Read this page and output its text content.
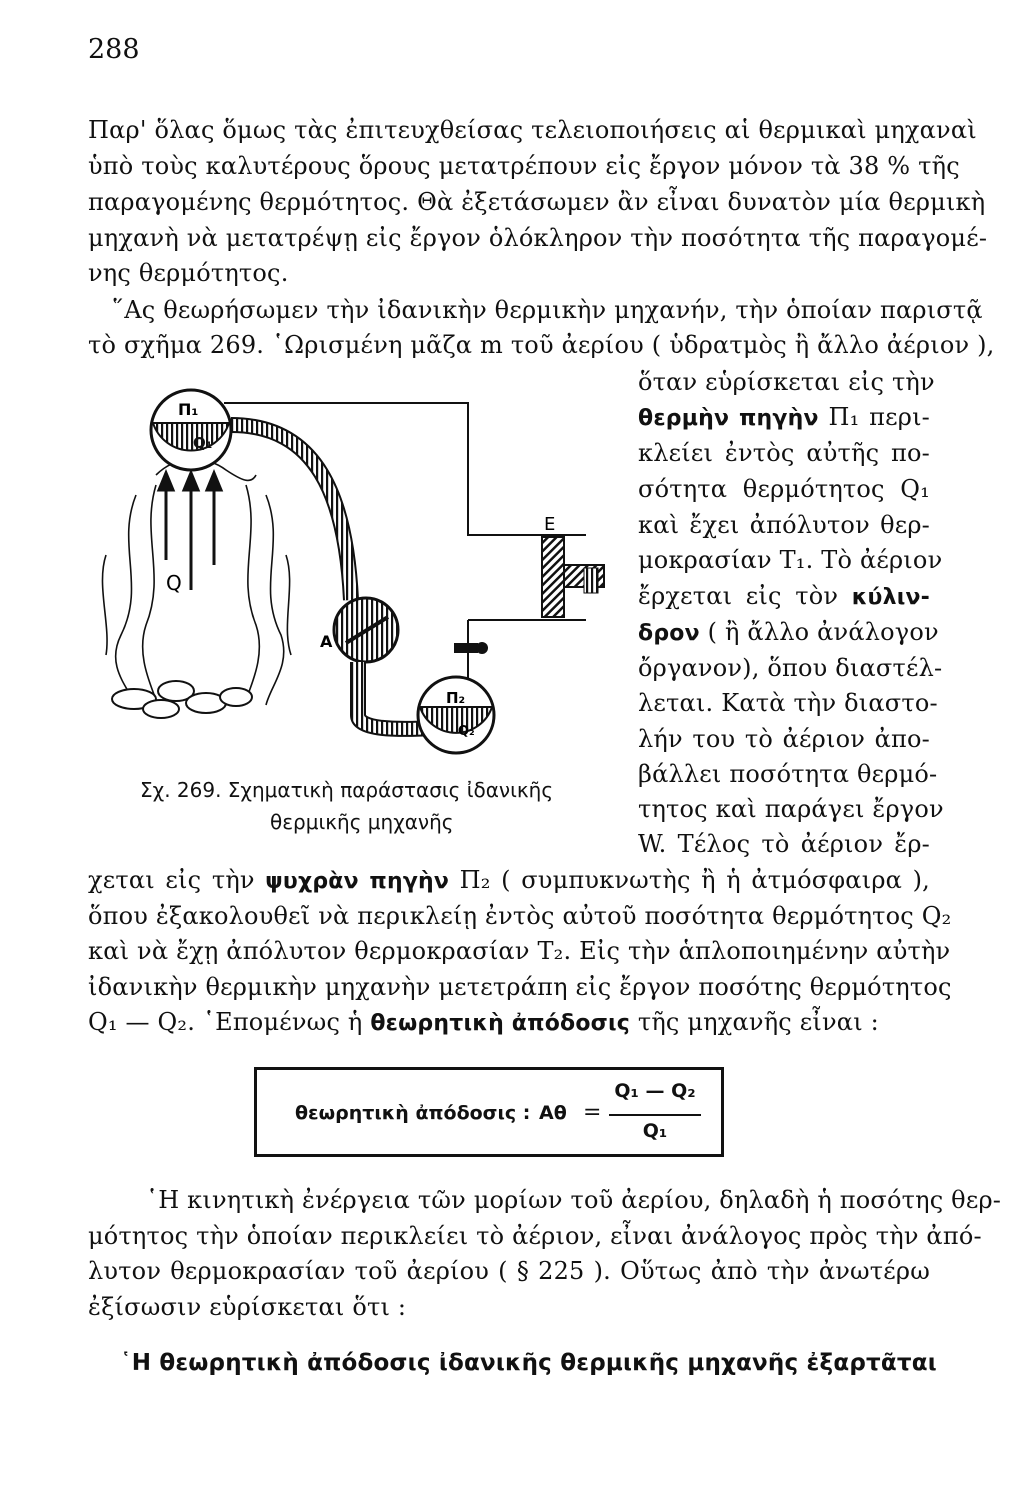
288
Παρ' ὅλας ὅμως τὰς ἐπιτευχθείσας τελειοποιήσεις αἱ θερμικαὶ μηχαναὶ
ὑπὸ τοὺς καλυτέρους ὅρους μετατρέπουν εἰς ἔργον μόνον τὰ 38 % τῆς
παραγομένης θερμότητος. Θὰ ἐξετάσωμεν ἂν εἶναι δυνατὸν μία θερμικὴ
μηχανὴ νὰ μετατρέψῃ εἰς ἔργον ὁλόκληρον τὴν ποσότητα τῆς παραγομέ-
νης θερμότητος.
῞Ας θεωρήσωμεν τὴν ἰδανικὴν θερμικὴν μηχανήν, τὴν ὁποίαν παριστᾷ
τὸ σχῆμα 269. ῾Ωρισμένη μᾶζα m τοῦ ἀερίου ( ὑδρατμὸς ἢ ἄλλο ἀέριον ),
ὅταν εὑρίσκεται εἰς τὴν
θερμὴν πηγὴν Π₁ περι-
κλείει ἐντὸς αὐτῆς πο-
σότητα θερμότητος Q₁
καὶ ἔχει ἀπόλυτον θερ-
μοκρασίαν T₁. Τὸ ἀέριον
ἔρχεται εἰς τὸν κύλιν-
δρον ( ἢ ἄλλο ἀνάλογον
ὄργανον), ὅπου διαστέλ-
λεται. Κατὰ τὴν διαστο-
λήν του τὸ ἀέριον ἀπο-
βάλλει ποσότητα θερμό-
τητος καὶ παράγει ἔργον
W. Τέλος τὸ ἀέριον ἔρ-
Q
Π₁
Q₁
E
A
Π₂
Q₂
Σχ. 269. Σχηματικὴ παράστασις ἰδανικῆς
θερμικῆς μηχανῆς
χεται εἰς τὴν ψυχρὰν πηγὴν Π₂ ( συμπυκνωτὴς ἢ ἡ ἀτμόσφαιρα ),
ὅπου ἐξακολουθεῖ νὰ περικλείῃ ἐντὸς αὐτοῦ ποσότητα θερμότητος Q₂
καὶ νὰ ἔχῃ ἀπόλυτον θερμοκρασίαν T₂. Εἰς τὴν ἁπλοποιημένην αὐτὴν
ἰδανικὴν θερμικὴν μηχανὴν μετετράπη εἰς ἔργον ποσότης θερμότητος
Q₁ — Q₂. ῾Επομένως ἡ θεωρητικὴ ἀπόδοσις τῆς μηχανῆς εἶναι :
θεωρητικὴ ἀπόδοσις : Aθ =
Q₁ — Q₂
Q₁
῾Η κινητικὴ ἐνέργεια τῶν μορίων τοῦ ἀερίου, δηλαδὴ ἡ ποσότης θερ-
μότητος τὴν ὁποίαν περικλείει τὸ ἀέριον, εἶναι ἀνάλογος πρὸς τὴν ἀπό-
λυτον θερμοκρασίαν τοῦ ἀερίου ( § 225 ). Οὕτως ἀπὸ τὴν ἀνωτέρω
ἐξίσωσιν εὑρίσκεται ὅτι :
῾Η θεωρητικὴ ἀπόδοσις ἰδανικῆς θερμικῆς μηχανῆς ἐξαρτᾶται
